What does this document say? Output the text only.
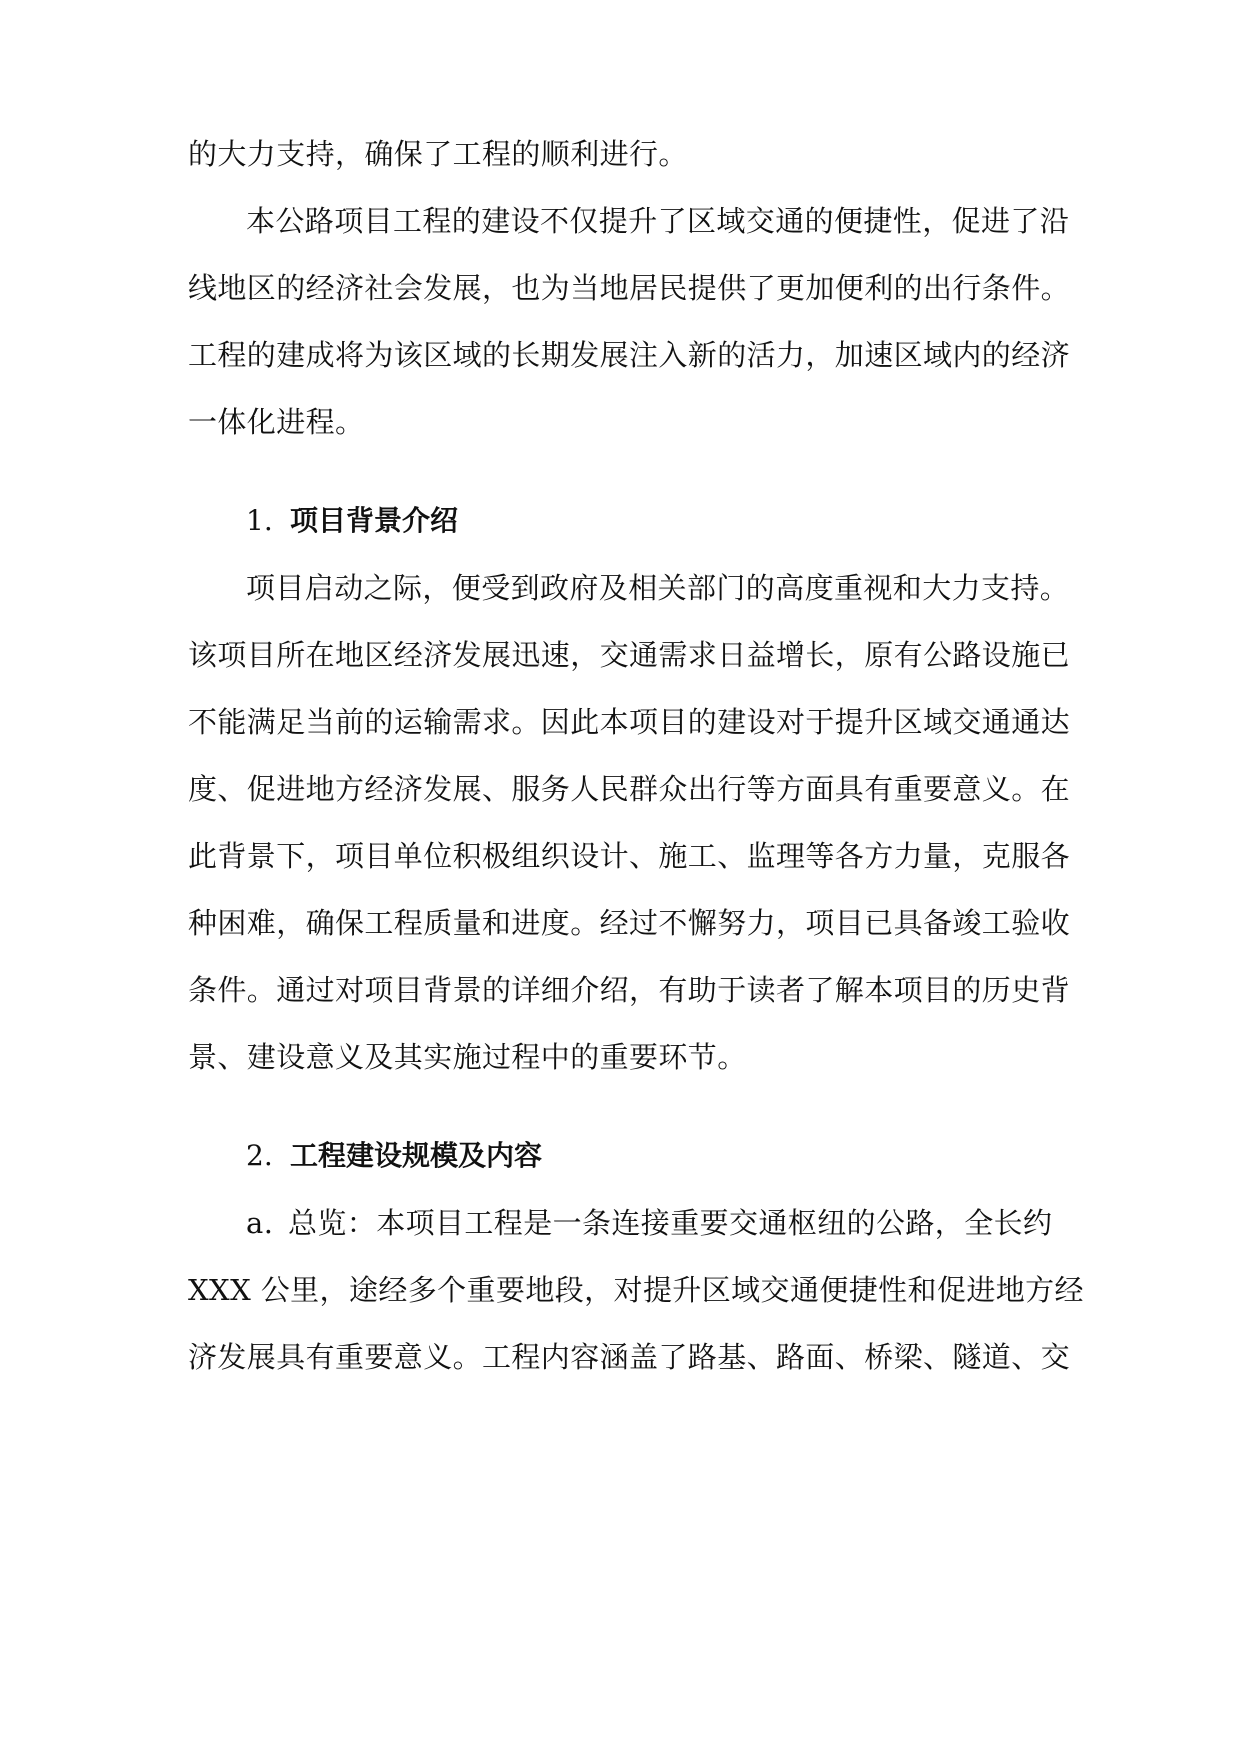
的大力支持，确保了工程的顺利进行。
本公路项目工程的建设不仅提升了区域交通的便捷性，促进了沿
线地区的经济社会发展，也为当地居民提供了更加便利的出行条件。
工程的建成将为该区域的长期发展注入新的活力，加速区域内的经济
一体化进程。
1. 项目背景介绍
项目启动之际，便受到政府及相关部门的高度重视和大力支持。
该项目所在地区经济发展迅速，交通需求日益增长，原有公路设施已
不能满足当前的运输需求。因此本项目的建设对于提升区域交通通达
度、促进地方经济发展、服务人民群众出行等方面具有重要意义。在
此背景下，项目单位积极组织设计、施工、监理等各方力量，克服各
种困难，确保工程质量和进度。经过不懈努力，项目已具备竣工验收
条件。通过对项目背景的详细介绍，有助于读者了解本项目的历史背
景、建设意义及其实施过程中的重要环节。
2. 工程建设规模及内容
a. 总览：本项目工程是一条连接重要交通枢纽的公路，全长约
XXX 公里，途经多个重要地段，对提升区域交通便捷性和促进地方经
济发展具有重要意义。工程内容涵盖了路基、路面、桥梁、隧道、交
